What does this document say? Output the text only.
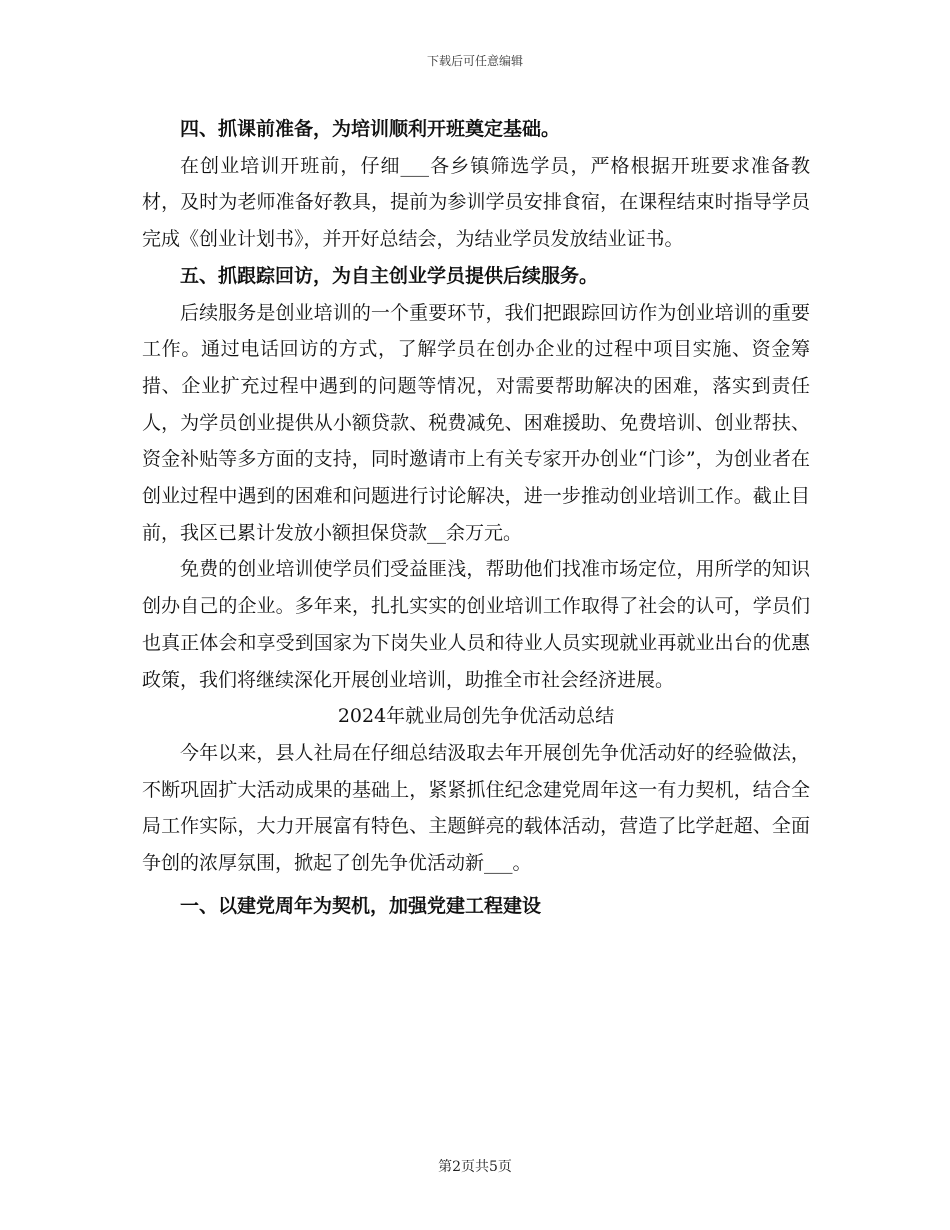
下载后可任意编辑

四、抓课前准备，为培训顺利开班奠定基础。

在创业培训开班前，仔细___各乡镇筛选学员，严格根据开班要求准备教材，及时为老师准备好教具，提前为参训学员安排食宿，在课程结束时指导学员完成《创业计划书》，并开好总结会，为结业学员发放结业证书。

五、抓跟踪回访，为自主创业学员提供后续服务。

后续服务是创业培训的一个重要环节，我们把跟踪回访作为创业培训的重要工作。通过电话回访的方式，了解学员在创办企业的过程中项目实施、资金筹措、企业扩充过程中遇到的问题等情况，对需要帮助解决的困难，落实到责任人，为学员创业提供从小额贷款、税费减免、困难援助、免费培训、创业帮扶、资金补贴等多方面的支持，同时邀请市上有关专家开办创业“门诊”，为创业者在创业过程中遇到的困难和问题进行讨论解决，进一步推动创业培训工作。截止目前，我区已累计发放小额担保贷款__余万元。

免费的创业培训使学员们受益匪浅，帮助他们找准市场定位，用所学的知识创办自己的企业。多年来，扎扎实实的创业培训工作取得了社会的认可，学员们也真正体会和享受到国家为下岗失业人员和待业人员实现就业再就业出台的优惠政策，我们将继续深化开展创业培训，助推全市社会经济进展。

2024年就业局创先争优活动总结

今年以来，县人社局在仔细总结汲取去年开展创先争优活动好的经验做法，不断巩固扩大活动成果的基础上，紧紧抓住纪念建党周年这一有力契机，结合全局工作实际，大力开展富有特色、主题鲜亮的载体活动，营造了比学赶超、全面争创的浓厚氛围，掀起了创先争优活动新___。

一、以建党周年为契机，加强党建工程建设

第2页共5页
